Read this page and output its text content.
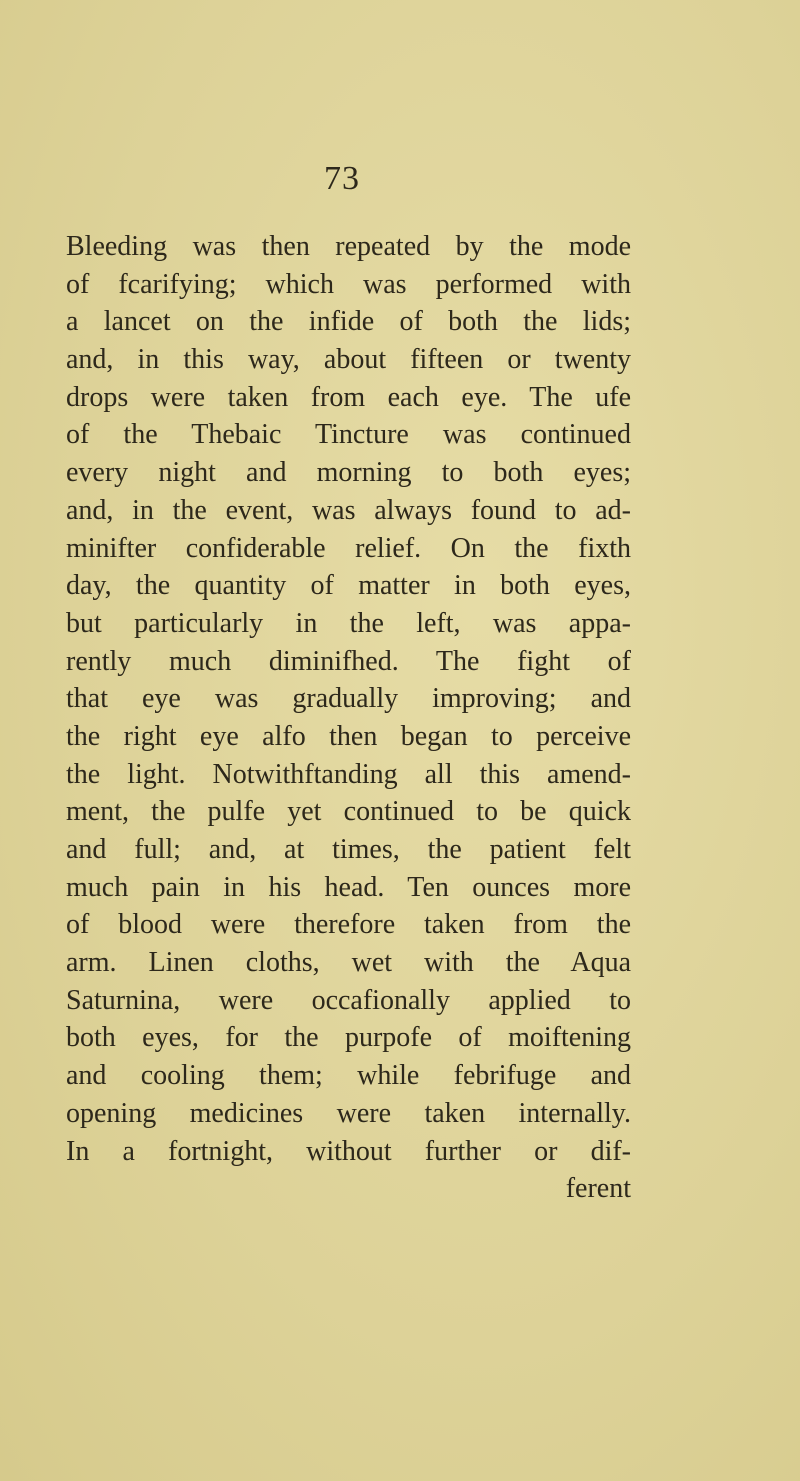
73
Bleeding was then repeated by the mode
of fcarifying; which was performed with
a lancet on the infide of both the lids;
and, in this way, about fifteen or twenty
drops were taken from each eye. The ufe
of the Thebaic Tincture was continued
every night and morning to both eyes;
and, in the event, was always found to ad-
minifter confiderable relief. On the fixth
day, the quantity of matter in both eyes,
but particularly in the left, was appa-
rently much diminifhed. The fight of
that eye was gradually improving; and
the right eye alfo then began to perceive
the light. Notwithftanding all this amend-
ment, the pulfe yet continued to be quick
and full; and, at times, the patient felt
much pain in his head. Ten ounces more
of blood were therefore taken from the
arm. Linen cloths, wet with the Aqua
Saturnina, were occafionally applied to
both eyes, for the purpofe of moiftening
and cooling them; while febrifuge and
opening medicines were taken internally.
In a fortnight, without further or dif-
ferent
